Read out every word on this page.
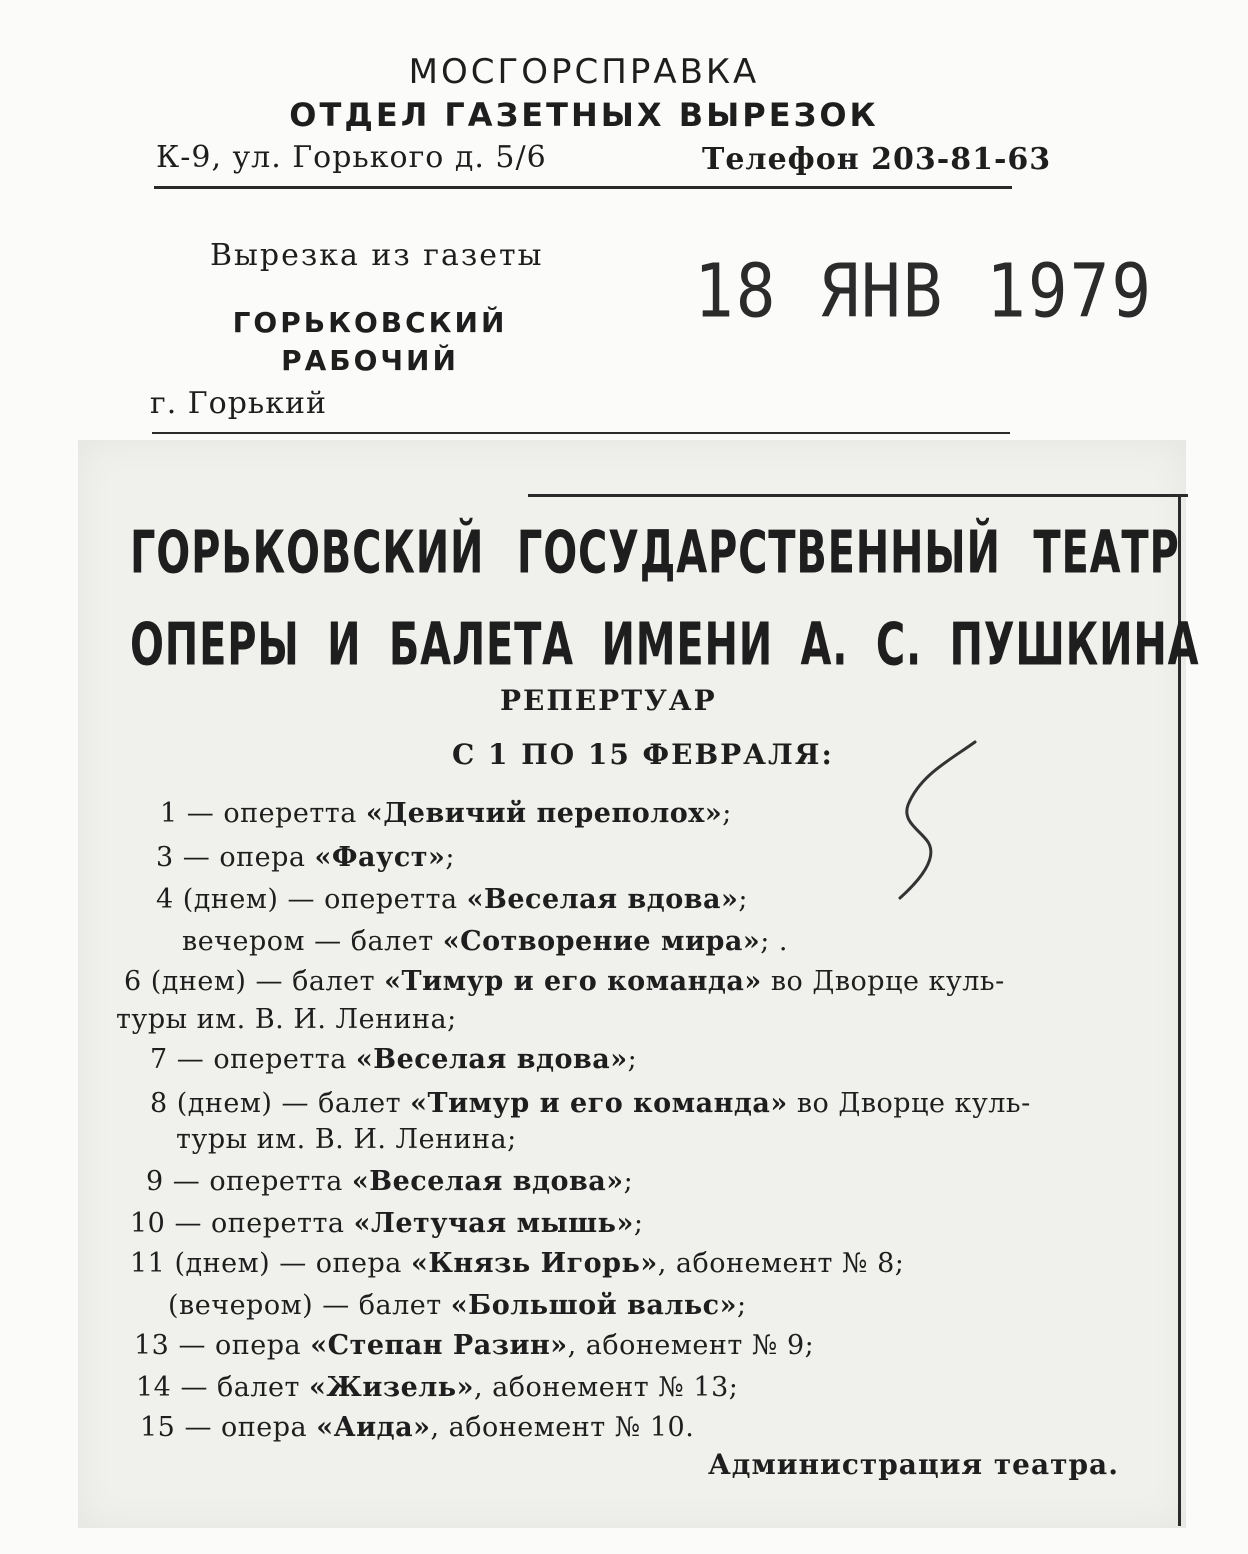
МОСГОРСПРАВКА
ОТДЕЛ ГАЗЕТНЫХ ВЫРЕЗОК
К-9, ул. Горького д. 5/6	Телефон 203-81-63
Вырезка из газеты 18 ЯНВ 1979
ГОРЬКОВСКИЙ
РАБОЧИЙ
г. Горький
ГОРЬКОВСКИЙ ГОСУДАРСТВЕННЫЙ ТЕАТР
ОПЕРЫ И БАЛЕТА ИМЕНИ А. С. ПУШКИНА
РЕПЕРТУАР
С 1 ПО 15 ФЕВРАЛЯ:
1 — оперетта «Девичий переполох»;
3 — опера «Фауст»;
4 (днем) — оперетта «Веселая вдова»;
вечером — балет «Сотворение мира»; .
6 (днем) — балет «Тимур и его команда» во Дворце куль-
туры им. В. И. Ленина;
7 — оперетта «Веселая вдова»;
8 (днем) — балет «Тимур и его команда» во Дворце куль-
туры им. В. И. Ленина;
9 — оперетта «Веселая вдова»;
10 — оперетта «Летучая мышь»;
11 (днем) — опера «Князь Игорь», абонемент № 8;
(вечером) — балет «Большой вальс»;
13 — опера «Степан Разин», абонемент № 9;
14 — балет «Жизель», абонемент № 13;
15 — опера «Аида», абонемент № 10.
Администрация театра.
